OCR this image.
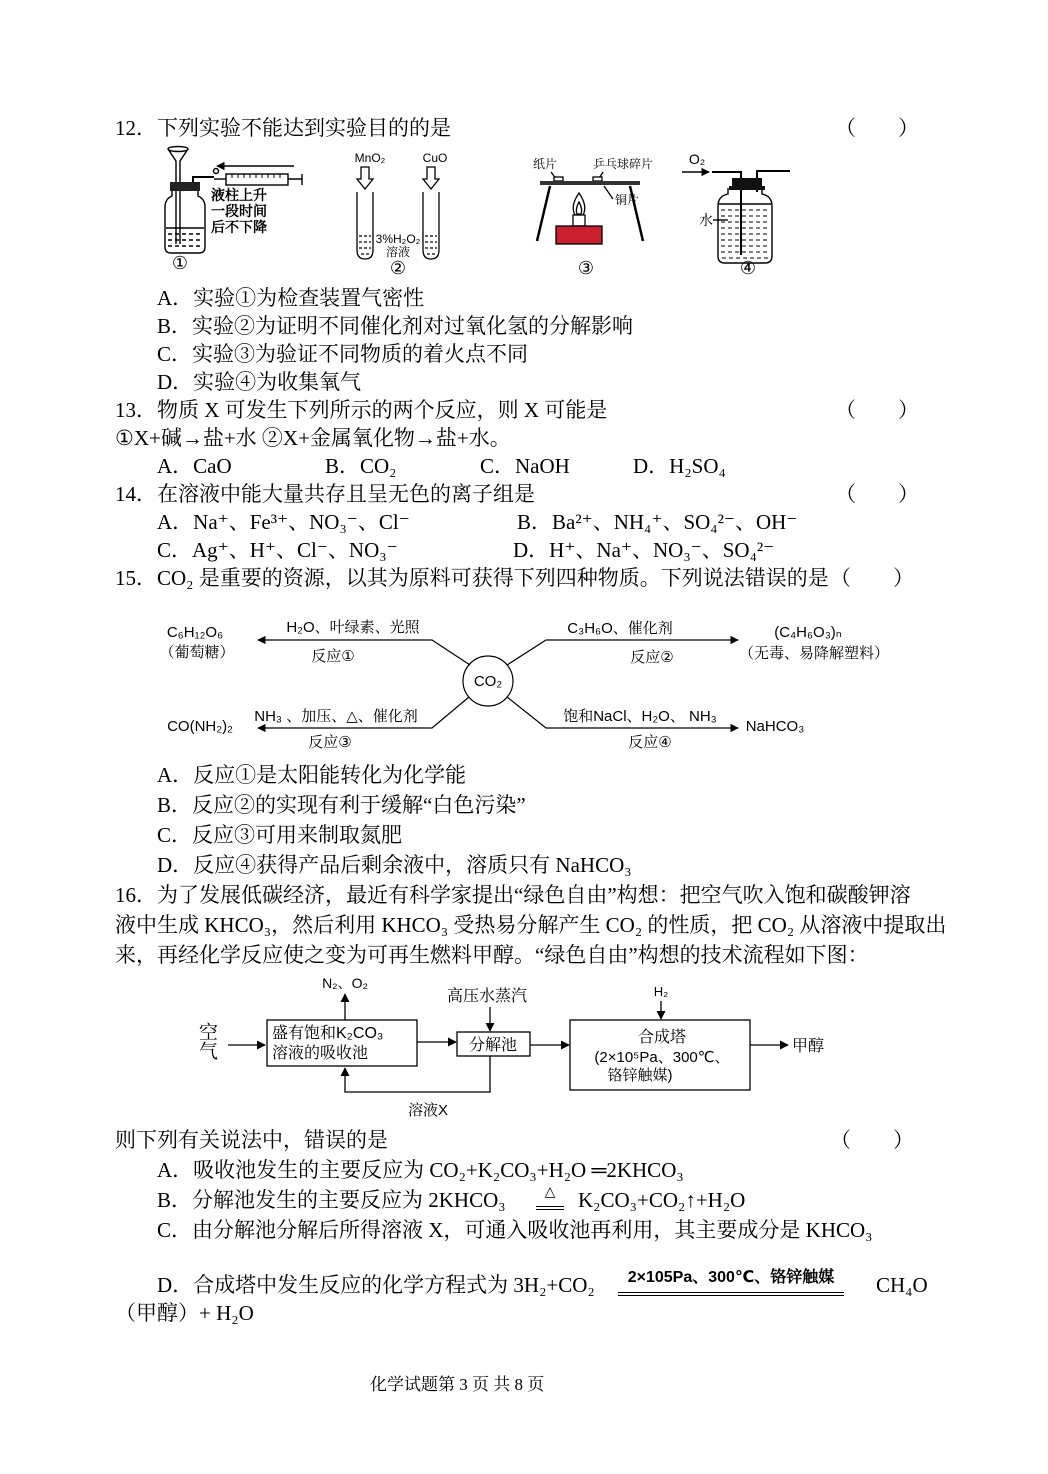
12．下列实验不能达到实验目的的是	（　　）
液柱上升
一段时间
后不下降
①
MnO₂	CuO
3%H₂O₂
溶液
②
纸片	乒乓球碎片
铜片
③
O₂
水
④
A．实验①为检查装置气密性
B．实验②为证明不同催化剂对过氧化氢的分解影响
C．实验③为验证不同物质的着火点不同
D．实验④为收集氧气
13．物质 X 可发生下列所示的两个反应，则 X 可能是	（　　）
①X+碱→盐+水 ②X+金属氧化物→盐+水。
A．CaO	B．CO₂	C．NaOH	D．H₂SO₄
14．在溶液中能大量共存且呈无色的离子组是	（　　）
A．Na⁺、Fe³⁺、NO₃⁻、Cl⁻	B．Ba²⁺、NH₄⁺、SO₄²⁻、OH⁻
C．Ag⁺、H⁺、Cl⁻、NO₃⁻	D．H⁺、Na⁺、NO₃⁻、SO₄²⁻
15．CO₂ 是重要的资源，以其为原料可获得下列四种物质。下列说法错误的是 （　　）
CO₂
H₂O、叶绿素、光照
反应①
C₆H₁₂O₆
（葡萄糖）
C₃H₆O、催化剂
反应②
(C₄H₆O₃)ₙ
（无毒、易降解塑料）
NH₃ 、加压、△、催化剂
反应③
CO(NH₂)₂
饱和NaCl、H₂O、 NH₃
反应④
NaHCO₃
A．反应①是太阳能转化为化学能
B．反应②的实现有利于缓解“白色污染”
C．反应③可用来制取氮肥
D．反应④获得产品后剩余液中，溶质只有 NaHCO₃
16．为了发展低碳经济，最近有科学家提出“绿色自由”构想：把空气吹入饱和碳酸钾溶
液中生成 KHCO₃，然后利用 KHCO₃ 受热易分解产生 CO₂ 的性质，把 CO₂ 从溶液中提取出
来，再经化学反应使之变为可再生燃料甲醇。“绿色自由”构想的技术流程如下图：
N₂、O₂
高压水蒸汽	H₂
盛有饱和K₂CO₃
溶液的吸收池	分解池	合成塔
(2×10⁵Pa、300℃、
铬锌触媒)
甲醇
溶液X
空气
则下列有关说法中，错误的是	（　　）
A．吸收池发生的主要反应为 CO₂+K₂CO₃+H₂O ═2KHCO₃
B．分解池发生的主要反应为 2KHCO₃	△	K₂CO₃+CO₂↑+H₂O
C．由分解池分解后所得溶液 X，可通入吸收池再利用，其主要成分是 KHCO₃
D．合成塔中发生反应的化学方程式为 3H₂+CO₂	2×105Pa、300℃、铬锌触媒	CH₄O
（甲醇）+ H₂O
化学试题第 3 页 共 8 页
